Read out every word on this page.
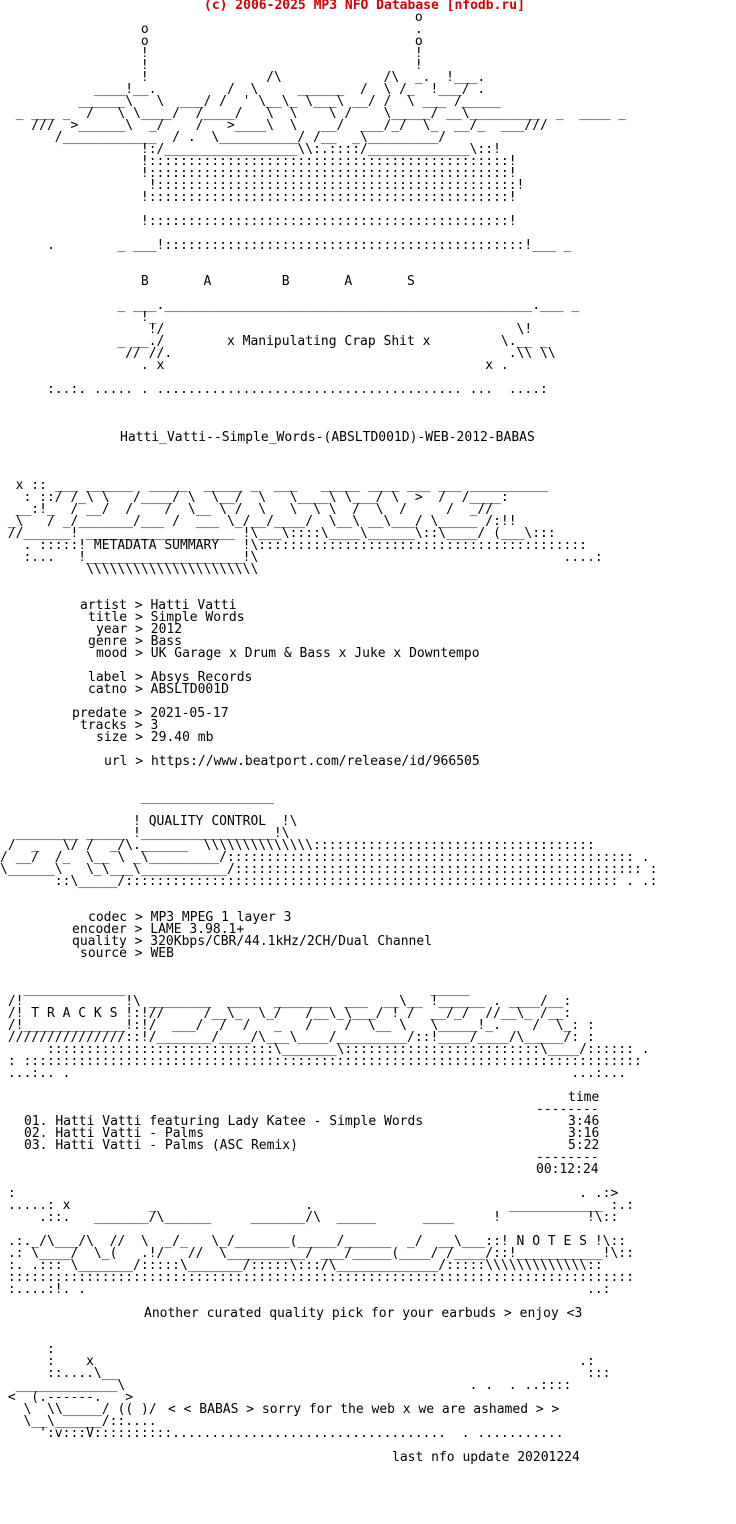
(c) 2006-2025 MP3 NFO Database [nfodb.ru]
o
o                                  .
o                                  o
!                                  !
!                                  !
!               /\             /\  _.  !___.
____!__.         /  \     ______  /  \ /_  !___/ .
______\   \  ___/ /  ' \__\_ \___\ __/ /  \ ___ /_____
_ ___ _  /   \ \____/  /____/   \  \    \ /    \_____/ __\_________  _  ____ _
///  >______\  _/    /   >____\  \   __/  ___/_/  \_  __/_  ___///
/____________  / .  \__________/ /__  _\_________/
!:/_________________\\:.::::/_____________\::!
!::::::::::::::::::::::::::::::::::::::::::::::!
!::::::::::::::::::::::::::::::::::::::::::::::!
!::::::::::::::::::::::::::::::::::::::::::::::!
!::::::::::::::::::::::::::::::::::::::::::::::!
!::::::::::::::::::::::::::::::::::::::::::::::!
.        _ ___!::::::::::::::::::::::::::::::::::::::::::::::!___ _
B       A         B       A       S
_ ___._______________________________________________.___ _
!_
!/                                             \!
_ __./        x Manipulating Crap Shit x         \.__ _
// //.                                           .\\ \\
. x                                         x .
:..:. ..... . ....................................... ...  ....:
Hatti_Vatti--Simple_Words-(ABSLTD001D)-WEB-2012-BABAS
x :: ___ ______  _____  _____ _  ___   _____ ____ ___ ___ __________
: ::/ /_\ \   /____/ \  \__/  \   \____\ \___/ \  >  /  /____:
__:!_  / __/  /    /  \__ \ /  \   \  \ \  /  \  /     /  _//
_\   / _/_______/___ /  ___ \_/__/____/  \__\ __\___/ \_____ /:!!
//______! ___________________ !\___\::::\____\______\::\____/ (___\:::
. :::::! METADATA SUMMARY   !\::::::::::::::::::::::::::::::::::::::::::
:...   !____________________!\                                       ....:
\\\\\\\\\\\\\\\\\\\\\\
artist > Hatti Vatti
title > Simple Words
year > 2012
genre > Bass
mood > UK Garage x Drum & Bass x Juke x Downtempo
label > Absys Records
catno > ABSLTD001D
predate > 2021-05-17
tracks > 3
size > 29.40 mb
url > https://www.beatport.com/release/id/966505
_________________
! QUALITY CONTROL  !\
________ _____ !_________________!\
/  _   \/ /  _/\.______  \\\\\\\\\\\\\\::::::::::::::::::::::::::::::::::::
/ __/  /_  \__ \ _\_________/:::::::::::::::::::::::::::::::::::::::::::::::::::: .
\______\   \_\___\___________/:::::::::::::::::::::::::::::::::::::::::::::::::::: :
::\_____/::::::::::::::::::::::::::::::::::::::::::::::::::::::::::::::: . .:
codec > MP3 MPEG 1 layer 3
encoder > LAME 3.98.1+
quality > 320Kbps/CBR/44.1kHz/2CH/Dual Channel
source > WEB
_____________                                       _____
/!             !\ ________  ____  _______  ___  __\__ !______ . ____/__:
/! T R A C K S !:!//     /__\_  \_/   /__\_\___/ ! /  __/_/  //__\_ /__:
/!_____________!:!/  ___/  /  /   _   /    /  \__ \   \_____!_.    /  \_: :
///////////////::!/_______/____/\___\____/_________/::!____/____/\_____/: :
:::::::::::::::::::::::::::::\_______\:::::::::::::::::::::::::\____/:::::: .
: :::::::::::::::::::::::::::::::::::::::::::::::::::::::::::::::::::::::::::::::
...:.. .                                                                ...:...
time
--------
01. Hatti Vatti featuring Lady Katee - Simple Words	3:46
02. Hatti Vatti - Palms	3:16
03. Hatti Vatti - Palms (ASC Remix)	5:22
--------
00:12:24
:                                                                        . .:>
.....: x          _                   .                         ____________ :.:
.::.   _______/\______     _______/\  _____      ____     !           !\::
.:._/\___/\  //  \  _/_   \_/_______(_____/______  _/  __\___::! N O T E S !\::
.: \____/  \_(   .!/   //  \__________/ ___/_____(____/ /____/::!___________!\::
:. .::: \_______/:::::\_______/:::::\:::/\_____________/:::::\\\\\\\\\\\\\::
::::::::::::::::::::::::::::::::::::::::::::::::::::::::::::::::::::::::::::::::
:....:!. .                                                                ..:
Another curated quality pick for your earbuds > enjoy <3
:
:    x                                                              .:
::....\__                                                            :::
_____________\                                            . .  . ..::::
<  (.------.   >
\__\______/::....
':v:::V::::::::::...................................  . ...........
\  \\_____/ (( )/ < < BABAS > sorry for the web x we are ashamed > >
last nfo update 20201224
